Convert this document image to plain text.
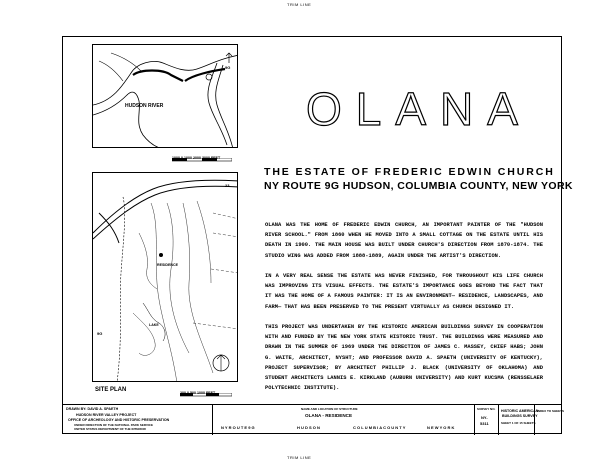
TRIM LINE
TRIM LINE
HUDSON RIVER
9G
1000 0 1000 2000 3000 FEET
23
9G
RESIDENCE
LAKE
SITE PLAN	200 0 500 1000 FEET
OLANA
THE ESTATE OF FREDERIC EDWIN CHURCH
NY ROUTE 9G HUDSON, COLUMBIA COUNTY, NEW YORK
OLANA WAS THE HOME OF FREDERIC EDWIN CHURCH, AN IMPORTANT PAINTER OF THE "HUDSON RIVER SCHOOL." FROM 1860 WHEN HE MOVED INTO A SMALL COTTAGE ON THE ESTATE UNTIL HIS DEATH IN 1900. THE MAIN HOUSE WAS BUILT UNDER CHURCH'S DIRECTION FROM 1870-1874. THE STUDIO WING WAS ADDED FROM 1888-1889, AGAIN UNDER THE ARTIST'S DIRECTION.
IN A VERY REAL SENSE THE ESTATE WAS NEVER FINISHED, FOR THROUGHOUT HIS LIFE CHURCH WAS IMPROVING ITS VISUAL EFFECTS. THE ESTATE'S IMPORTANCE GOES BEYOND THE FACT THAT IT WAS THE HOME OF A FAMOUS PAINTER: IT IS AN ENVIRONMENT— RESIDENCE, LANDSCAPES, AND FARM— THAT HAS BEEN PRESERVED TO THE PRESENT VIRTUALLY AS CHURCH DESIGNED IT.
THIS PROJECT WAS UNDERTAKEN BY THE HISTORIC AMERICAN BUILDINGS SURVEY IN COOPERATION WITH AND FUNDED BY THE NEW YORK STATE HISTORIC TRUST. THE BUILDINGS WERE MEASURED AND DRAWN IN THE SUMMER OF 1969 UNDER THE DIRECTION OF JAMES C. MASSEY, CHIEF HABS; JOHN G. WAITE, ARCHITECT, NYSHT; AND PROFESSOR DAVID A. SPAETH (UNIVERSITY OF KENTUCKY), PROJECT SUPERVISOR; BY ARCHITECT PHILLIP J. BLACK (UNIVERSITY OF OKLAHOMA) AND STUDENT ARCHITECTS LANNIS E. KIRKLAND (AUBURN UNIVERSITY) AND KURT KUCSMA (RENSSELAER POLYTECHNIC INSTITUTE).
DRAWN BY: DAVID A. SPAETH
HUDSON RIVER VALLEY PROJECT
OFFICE OF ARCHEOLOGY AND HISTORIC PRESERVATION
UNDER DIRECTION OF THE NATIONAL PARK SERVICE
UNITED STATES DEPARTMENT OF THE INTERIOR
NAME AND LOCATION OF STRUCTURE
OLANA - RESIDENCE
N Y R O U T E 9 G	H U D S O N	C O L U M B I A C O U N T Y	N E W Y O R K
SURVEY NO.
NY-
5311
HISTORIC AMERICAN
BUILDINGS SURVEY
SHEET 1 OF 15 SHEETS
INDEX TO SHEETS
